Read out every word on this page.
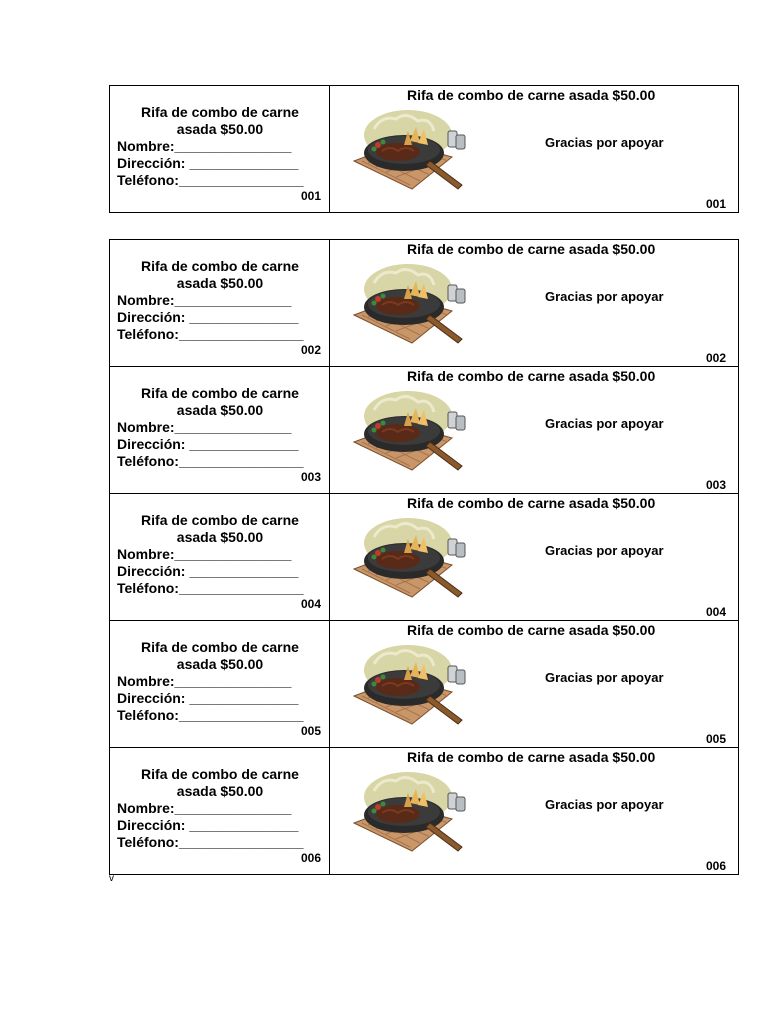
Rifa de combo de carne
asada $50.00
Nombre:_______________
Dirección: ______________
Teléfono:________________
001
Rifa de combo de carne asada $50.00
Gracias por apoyar
001
Rifa de combo de carne
asada $50.00
Nombre:_______________
Dirección: ______________
Teléfono:________________
002
Rifa de combo de carne asada $50.00
Gracias por apoyar
002
Rifa de combo de carne
asada $50.00
Nombre:_______________
Dirección: ______________
Teléfono:________________
003
Rifa de combo de carne asada $50.00
Gracias por apoyar
003
Rifa de combo de carne
asada $50.00
Nombre:_______________
Dirección: ______________
Teléfono:________________
004
Rifa de combo de carne asada $50.00
Gracias por apoyar
004
Rifa de combo de carne
asada $50.00
Nombre:_______________
Dirección: ______________
Teléfono:________________
005
Rifa de combo de carne asada $50.00
Gracias por apoyar
005
Rifa de combo de carne
asada $50.00
Nombre:_______________
Dirección: ______________
Teléfono:________________
006
Rifa de combo de carne asada $50.00
Gracias por apoyar
006
v
